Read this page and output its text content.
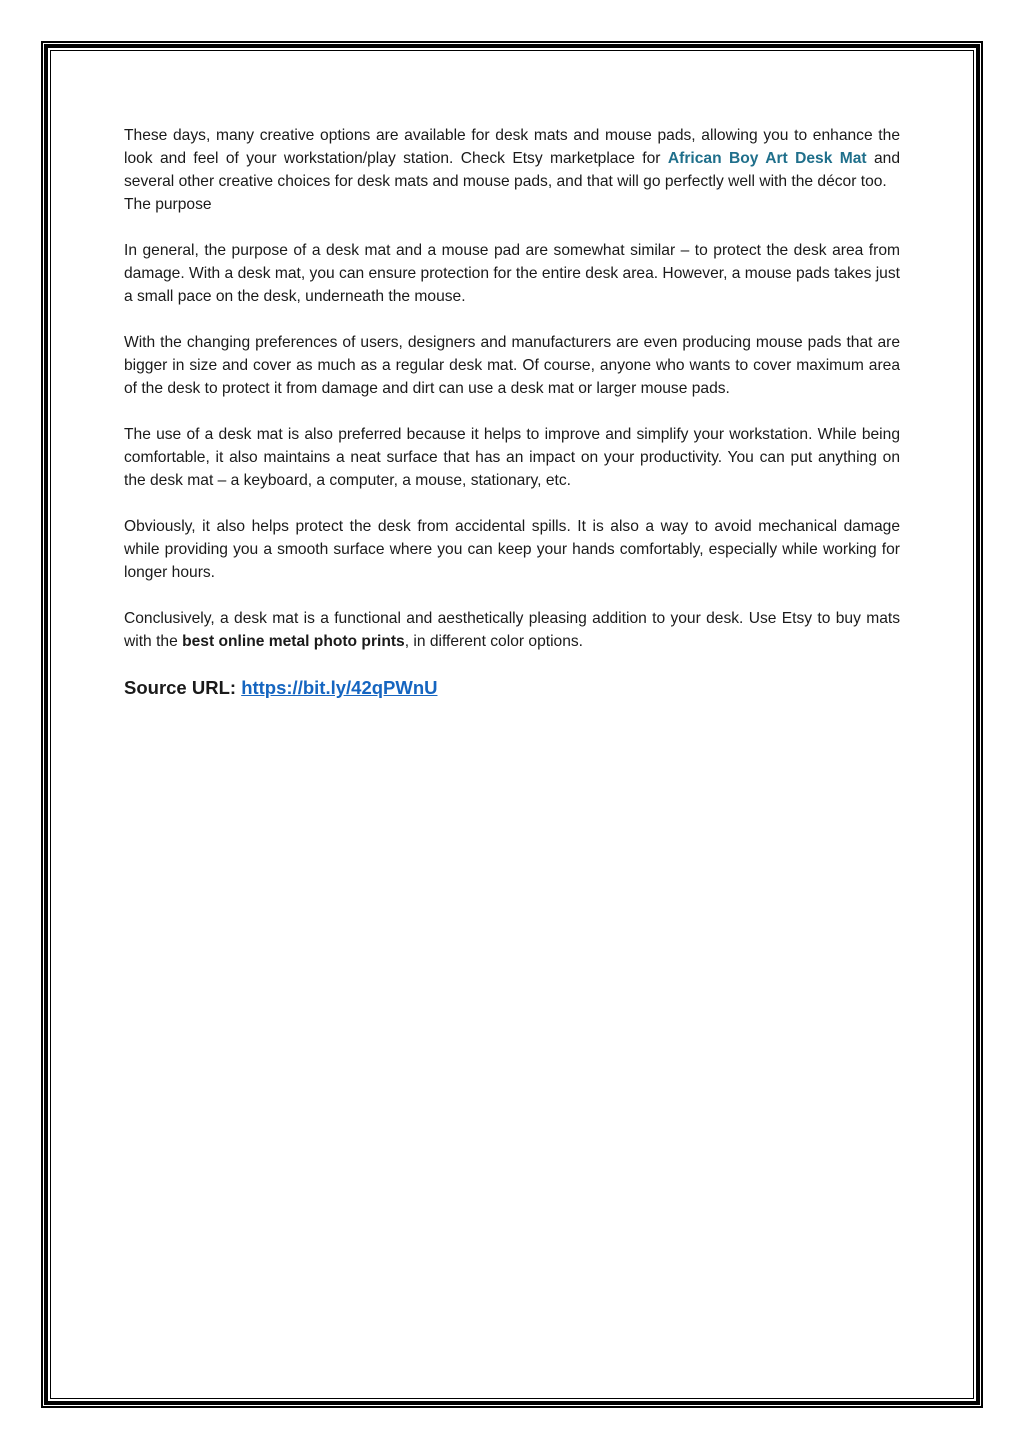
These days, many creative options are available for desk mats and mouse pads, allowing you to enhance the look and feel of your workstation/play station. Check Etsy marketplace for African Boy Art Desk Mat and several other creative choices for desk mats and mouse pads, and that will go perfectly well with the décor too.

The purpose

In general, the purpose of a desk mat and a mouse pad are somewhat similar – to protect the desk area from damage. With a desk mat, you can ensure protection for the entire desk area. However, a mouse pads takes just a small pace on the desk, underneath the mouse.

With the changing preferences of users, designers and manufacturers are even producing mouse pads that are bigger in size and cover as much as a regular desk mat. Of course, anyone who wants to cover maximum area of the desk to protect it from damage and dirt can use a desk mat or larger mouse pads.

The use of a desk mat is also preferred because it helps to improve and simplify your workstation. While being comfortable, it also maintains a neat surface that has an impact on your productivity. You can put anything on the desk mat – a keyboard, a computer, a mouse, stationary, etc.

Obviously, it also helps protect the desk from accidental spills. It is also a way to avoid mechanical damage while providing you a smooth surface where you can keep your hands comfortably, especially while working for longer hours.

Conclusively, a desk mat is a functional and aesthetically pleasing addition to your desk. Use Etsy to buy mats with the best online metal photo prints, in different color options.

Source URL: https://bit.ly/42qPWnU
